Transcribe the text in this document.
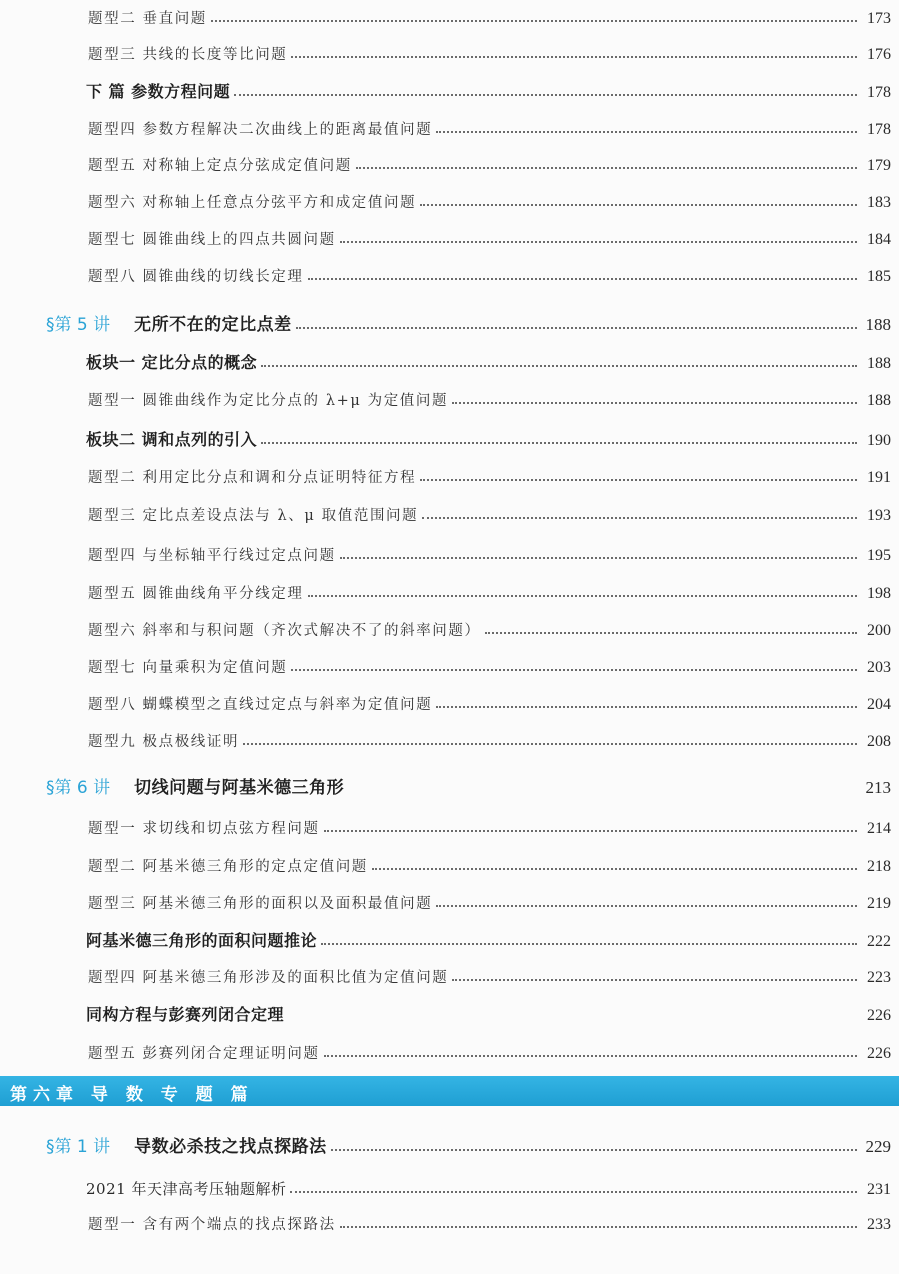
题型二 垂直问题	173
题型三 共线的长度等比问题	176
下 篇 参数方程问题	178
题型四 参数方程解决二次曲线上的距离最值问题	178
题型五 对称轴上定点分弦成定值问题	179
题型六 对称轴上任意点分弦平方和成定值问题	183
题型七 圆锥曲线上的四点共圆问题	184
题型八 圆锥曲线的切线长定理	185
§第 5 讲 无所不在的定比点差	188
板块一 定比分点的概念	188
题型一 圆锥曲线作为定比分点的 λ+μ 为定值问题	188
板块二 调和点列的引入	190
题型二 利用定比分点和调和分点证明特征方程	191
题型三 定比点差设点法与 λ、μ 取值范围问题	193
题型四 与坐标轴平行线过定点问题	195
题型五 圆锥曲线角平分线定理	198
题型六 斜率和与积问题（齐次式解决不了的斜率问题）	200
题型七 向量乘积为定值问题	203
题型八 蝴蝶模型之直线过定点与斜率为定值问题	204
题型九 极点极线证明	208
§第 6 讲 切线问题与阿基米德三角形	213
题型一 求切线和切点弦方程问题	214
题型二 阿基米德三角形的定点定值问题	218
题型三 阿基米德三角形的面积以及面积最值问题	219
阿基米德三角形的面积问题推论	222
题型四 阿基米德三角形涉及的面积比值为定值问题	223
同构方程与彭赛列闭合定理	226
题型五 彭赛列闭合定理证明问题	226
第六章 导 数 专 题 篇
§第 1 讲 导数必杀技之找点探路法	229
2021 年天津高考压轴题解析	231
题型一 含有两个端点的找点探路法	233
